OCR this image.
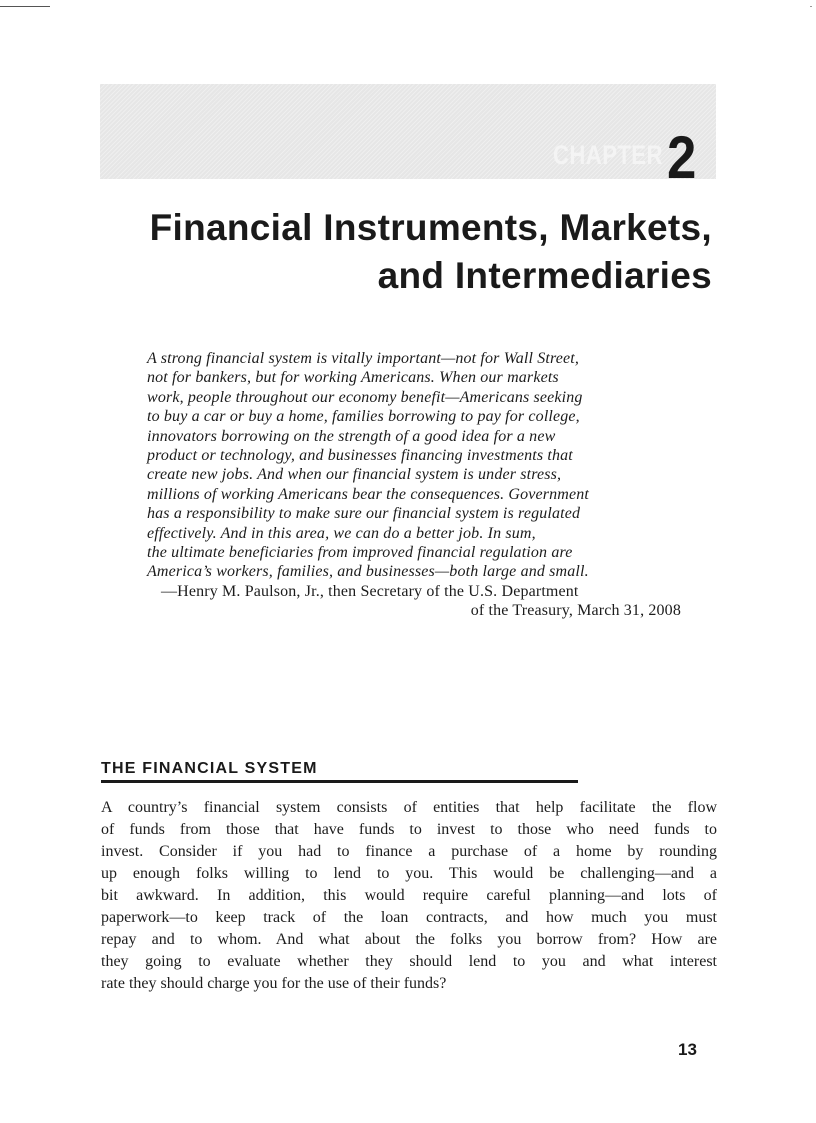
CHAPTER 2
Financial Instruments, Markets,
and Intermediaries
A strong financial system is vitally important—not for Wall Street,
not for bankers, but for working Americans. When our markets
work, people throughout our economy benefit—Americans seeking
to buy a car or buy a home, families borrowing to pay for college,
innovators borrowing on the strength of a good idea for a new
product or technology, and businesses financing investments that
create new jobs. And when our financial system is under stress,
millions of working Americans bear the consequences. Government
has a responsibility to make sure our financial system is regulated
effectively. And in this area, we can do a better job. In sum,
the ultimate beneficiaries from improved financial regulation are
America’s workers, families, and businesses—both large and small.
—Henry M. Paulson, Jr., then Secretary of the U.S. Department
of the Treasury, March 31, 2008
THE FINANCIAL SYSTEM
A country’s financial system consists of entities that help facilitate the flow
of funds from those that have funds to invest to those who need funds to
invest. Consider if you had to finance a purchase of a home by rounding
up enough folks willing to lend to you. This would be challenging—and a
bit awkward. In addition, this would require careful planning—and lots of
paperwork—to keep track of the loan contracts, and how much you must
repay and to whom. And what about the folks you borrow from? How are
they going to evaluate whether they should lend to you and what interest
rate they should charge you for the use of their funds?
13
